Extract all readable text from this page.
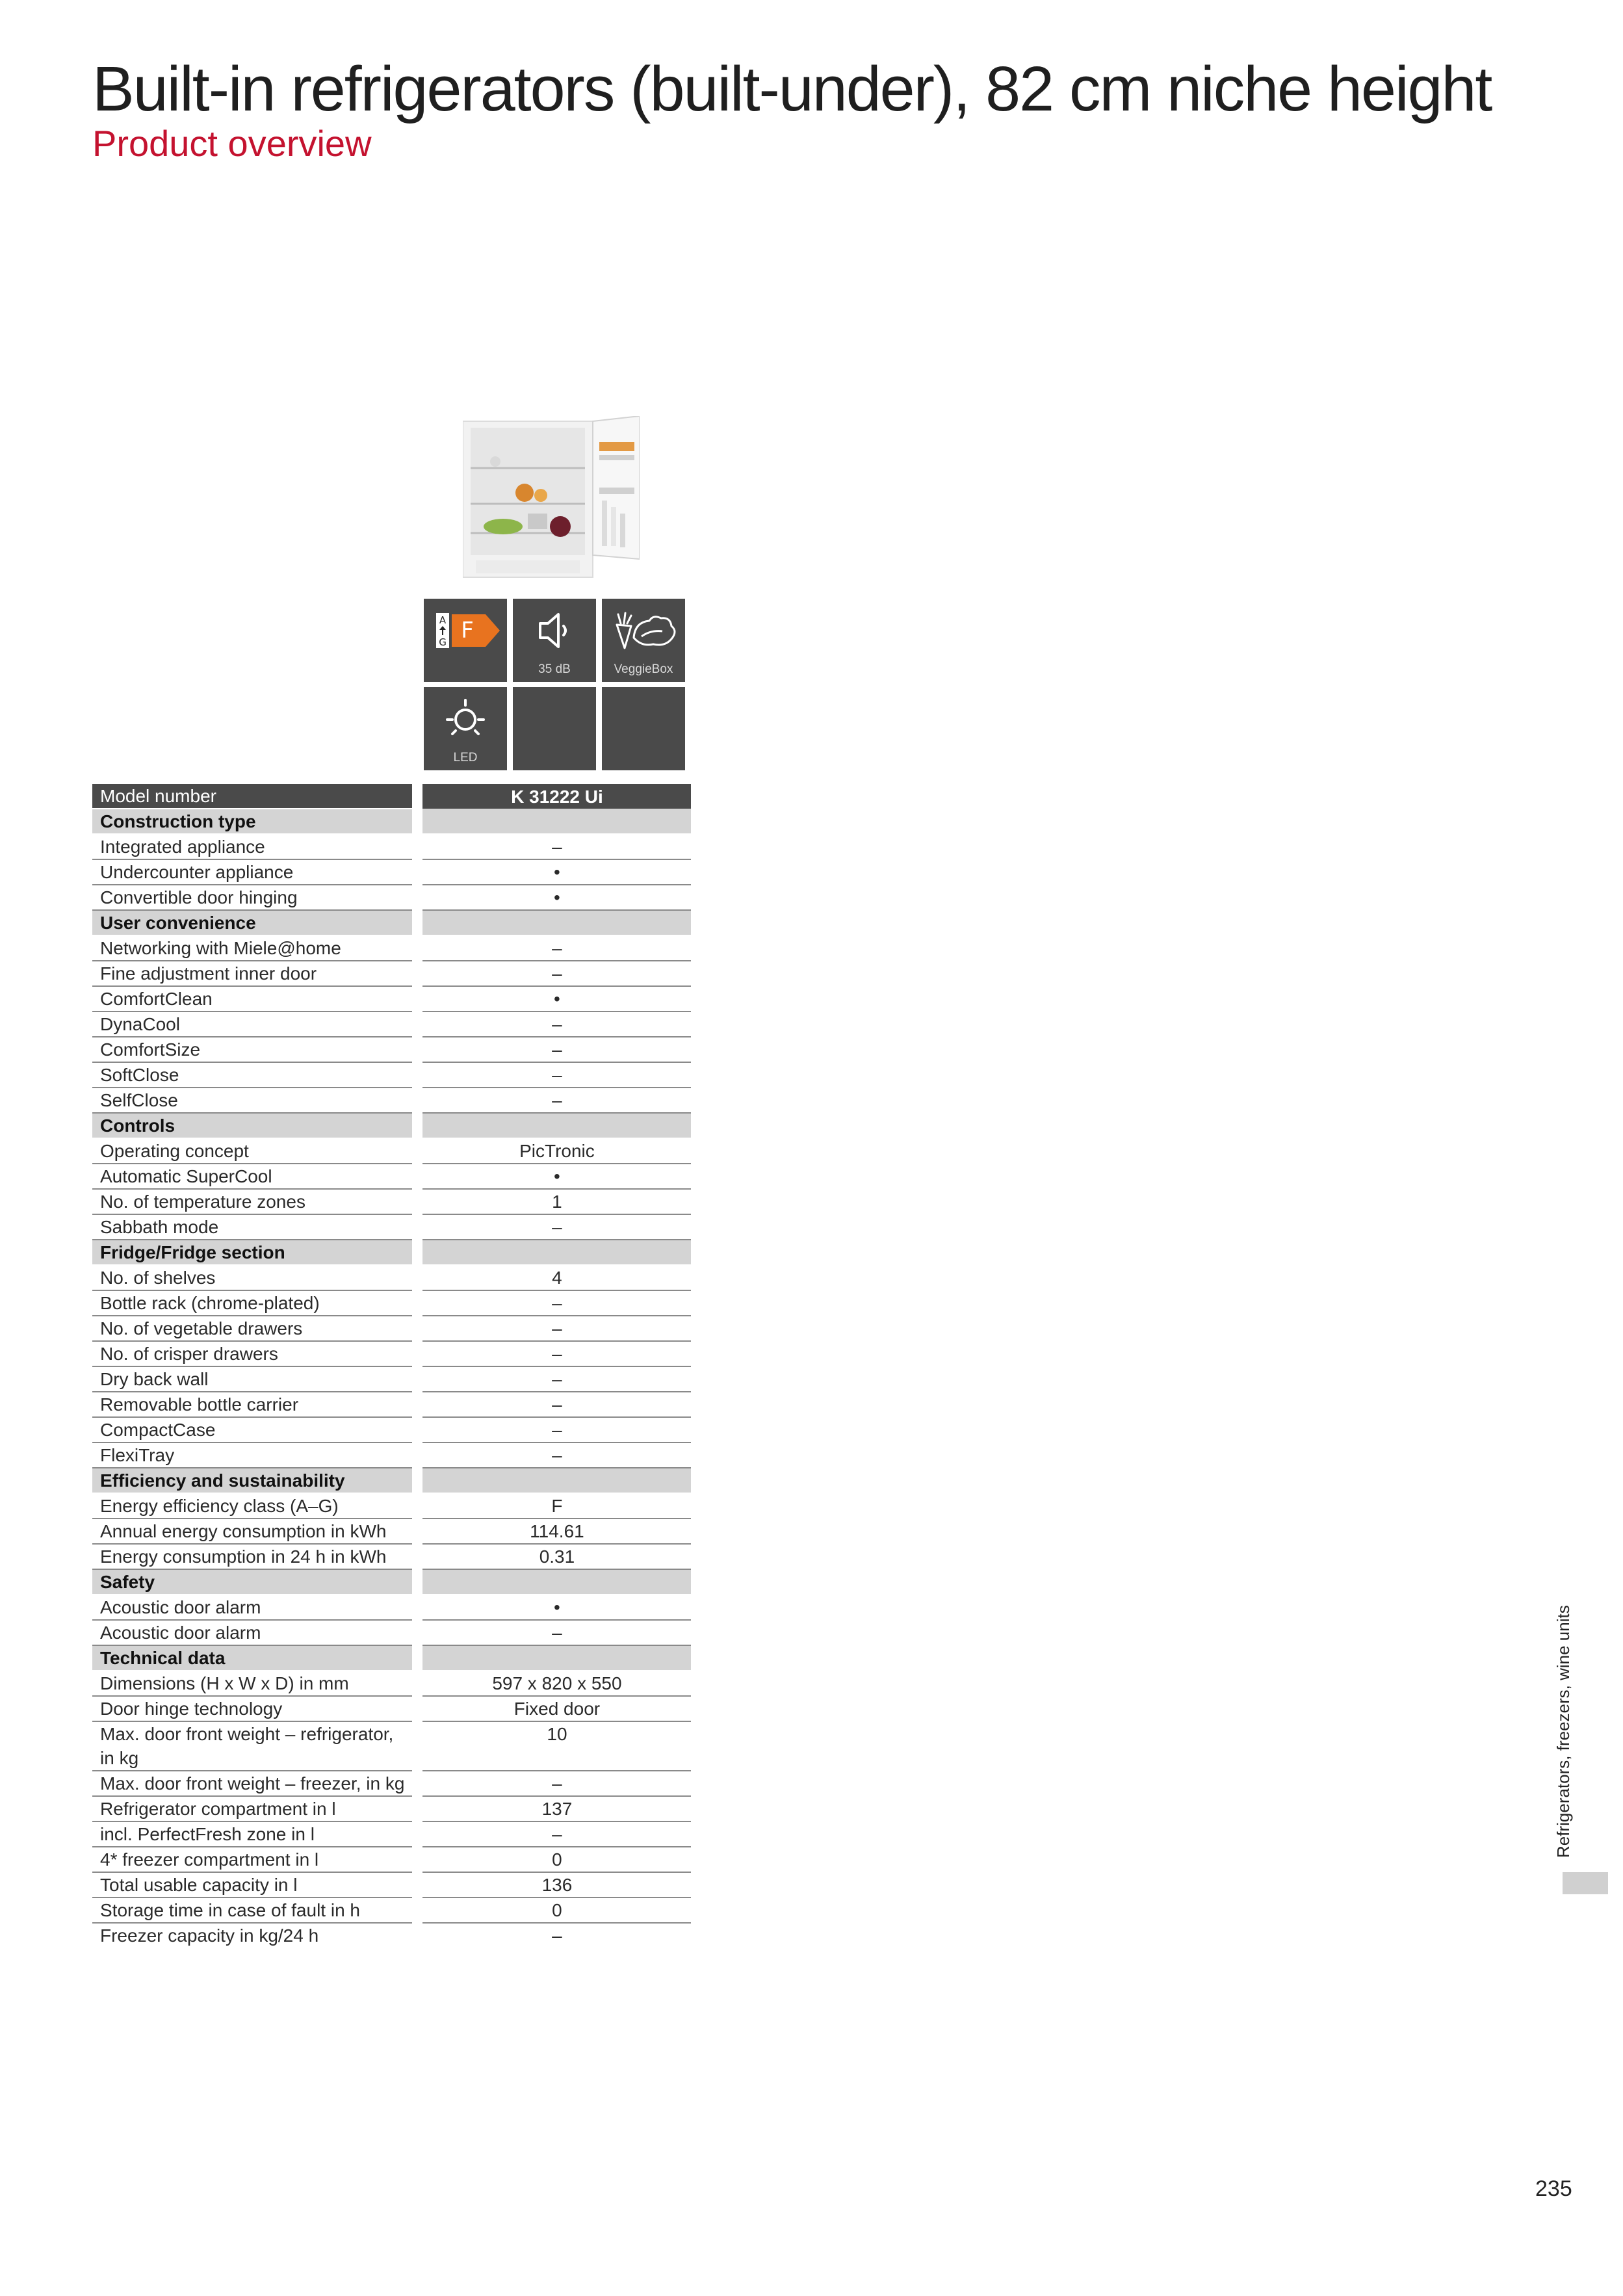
Built-in refrigerators (built-under), 82 cm niche height
Product overview
A
G F
35 dB	VeggieBox
LED
Model number		K 31222 Ui
Construction type		
Integrated appliance		–
Undercounter appliance		•
Convertible door hinging		•
User convenience		
Networking with Miele@home		–
Fine adjustment inner door		–
ComfortClean		•
DynaCool		–
ComfortSize		–
SoftClose		–
SelfClose		–
Controls		
Operating concept		PicTronic
Automatic SuperCool		•
No. of temperature zones		1
Sabbath mode		–
Fridge/Fridge section		
No. of shelves		4
Bottle rack (chrome-plated)		–
No. of vegetable drawers		–
No. of crisper drawers		–
Dry back wall		–
Removable bottle carrier		–
CompactCase		–
FlexiTray		–
Efficiency and sustainability		
Energy efficiency class (A–G)		F
Annual energy consumption in kWh		114.61
Energy consumption in 24 h in kWh		0.31
Safety		
Acoustic door alarm		•
Acoustic door alarm		–
Technical data		
Dimensions (H x W x D) in mm		597 x 820 x 550
Door hinge technology		Fixed door
Max. door front weight – refrigerator, in kg		10
Max. door front weight – freezer, in kg		–
Refrigerator compartment in l		137
incl. PerfectFresh zone in l		–
4* freezer compartment in l		0
Total usable capacity in l		136
Storage time in case of fault in h		0
Freezer capacity in kg/24 h		–
Refrigerators, freezers, wine units
235
